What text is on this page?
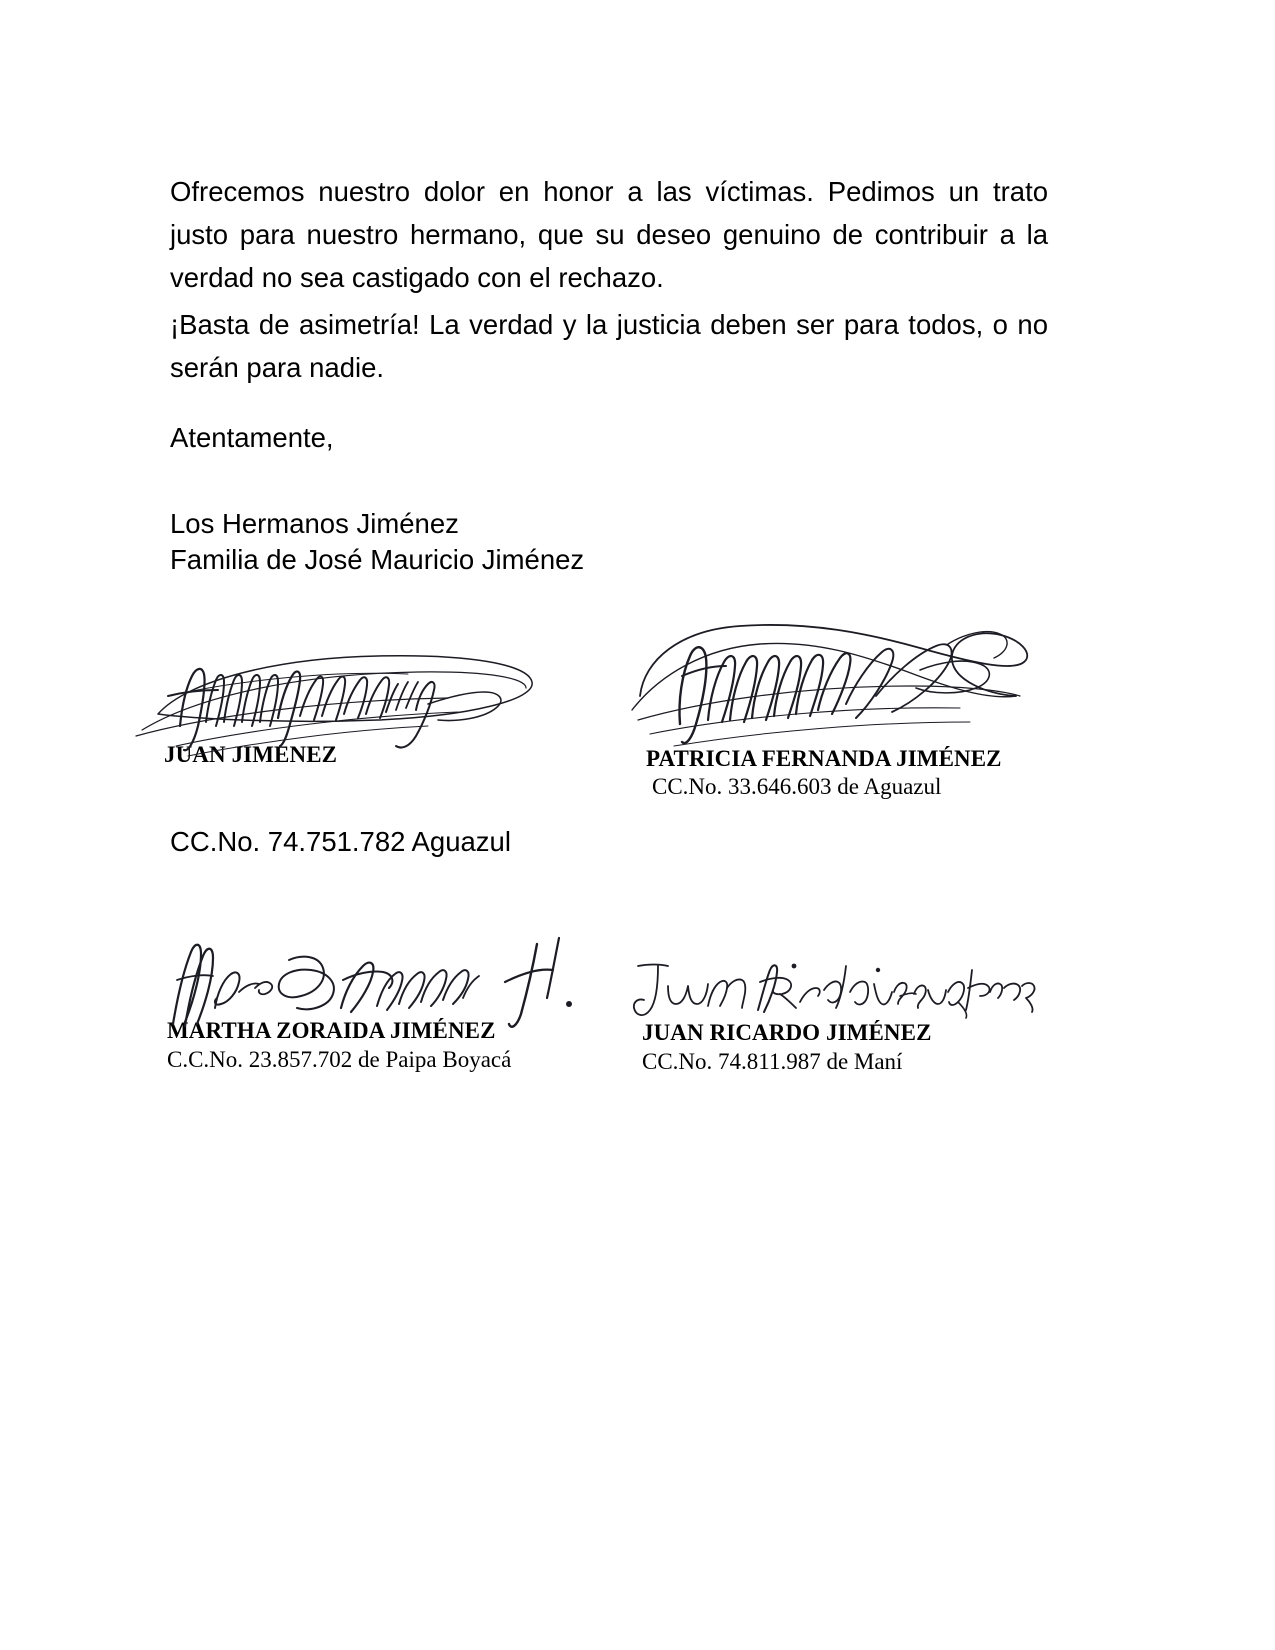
Ofrecemos nuestro dolor en honor a las víctimas. Pedimos un trato justo para nuestro hermano, que su deseo genuino de contribuir a la verdad no sea castigado con el rechazo.

¡Basta de asimetría! La verdad y la justicia deben ser para todos, o no serán para nadie.

Atentamente,
Los Hermanos Jiménez
Familia de José Mauricio Jiménez
JUAN JIMENEZ
CC.No. 74.751.782 Aguazul
PATRICIA FERNANDA JIMÉNEZ
CC.No. 33.646.603 de Aguazul
MARTHA ZORAIDA JIMÉNEZ
C.C.No. 23.857.702 de Paipa Boyacá
JUAN RICARDO JIMÉNEZ
CC.No. 74.811.987 de Maní
